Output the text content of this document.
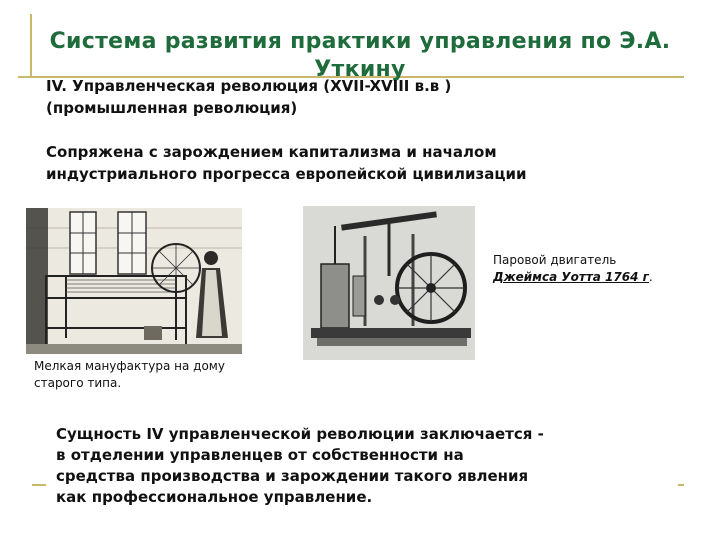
Система развития практики управления по Э.А. Уткину

IV. Управленческая революция (XVII-XVIII в.в )

(промышленная революция)

Сопряжена с зарождением капитализма и началом

индустриального прогресса европейской цивилизации

Мелкая мануфактура на дому старого типа.
Паровой двигатель
Джеймса Уотта 1764 г.
Сущность IV управленческой революции заключается -
в отделении управленцев от собственности на
средства производства и зарождении такого явления
как профессиональное управление.
